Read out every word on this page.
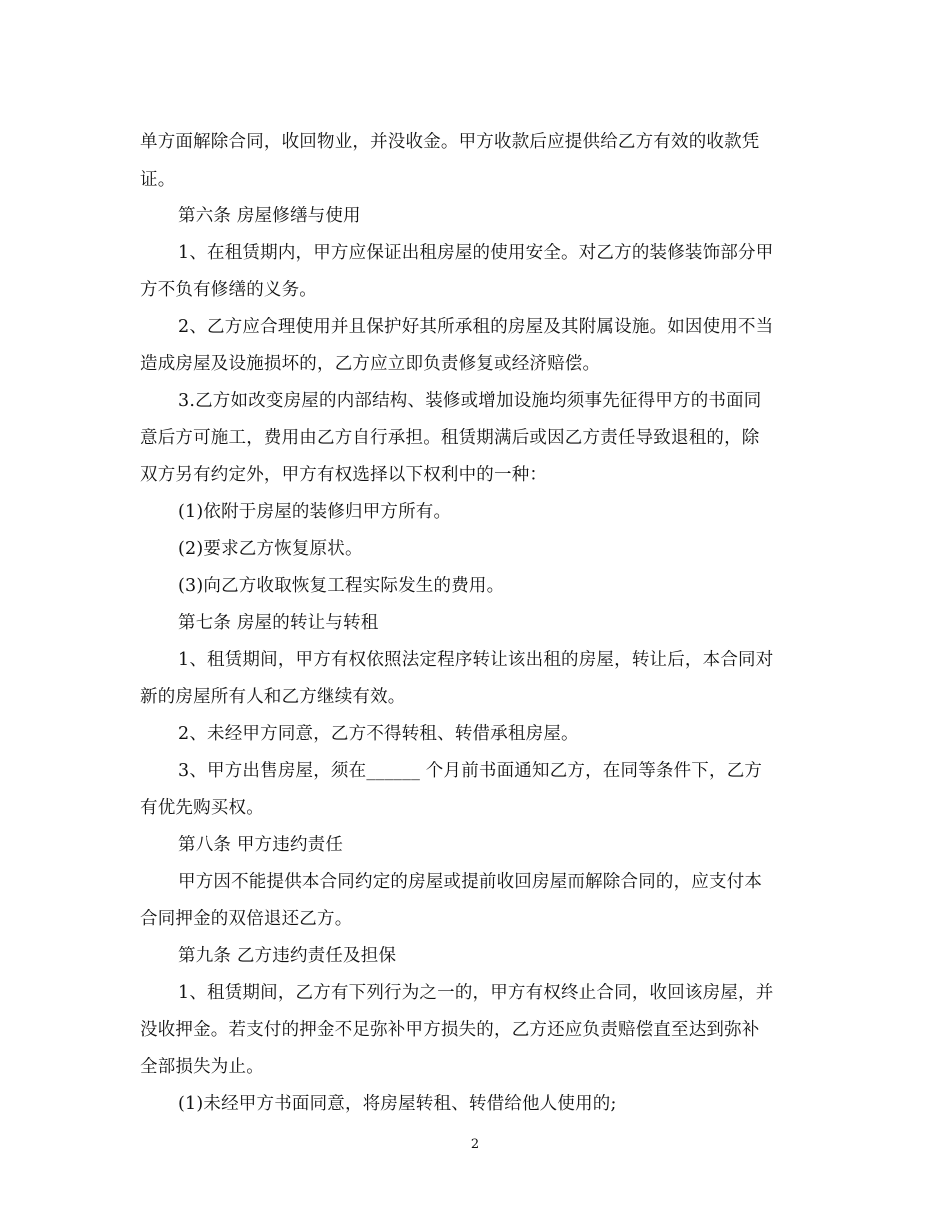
单方面解除合同，收回物业，并没收金。甲方收款后应提供给乙方有效的收款凭
证。
第六条 房屋修缮与使用
1、在租赁期内，甲方应保证出租房屋的使用安全。对乙方的装修装饰部分甲
方不负有修缮的义务。
2、乙方应合理使用并且保护好其所承租的房屋及其附属设施。如因使用不当
造成房屋及设施损坏的，乙方应立即负责修复或经济赔偿。
3.乙方如改变房屋的内部结构、装修或增加设施均须事先征得甲方的书面同
意后方可施工，费用由乙方自行承担。租赁期满后或因乙方责任导致退租的，除
双方另有约定外，甲方有权选择以下权利中的一种：
(1)依附于房屋的装修归甲方所有。
(2)要求乙方恢复原状。
(3)向乙方收取恢复工程实际发生的费用。
第七条 房屋的转让与转租
1、租赁期间，甲方有权依照法定程序转让该出租的房屋，转让后，本合同对
新的房屋所有人和乙方继续有效。
2、未经甲方同意，乙方不得转租、转借承租房屋。
3、甲方出售房屋，须在______ 个月前书面通知乙方，在同等条件下，乙方
有优先购买权。
第八条 甲方违约责任
甲方因不能提供本合同约定的房屋或提前收回房屋而解除合同的，应支付本
合同押金的双倍退还乙方。
第九条 乙方违约责任及担保
1、租赁期间，乙方有下列行为之一的，甲方有权终止合同，收回该房屋，并
没收押金。若支付的押金不足弥补甲方损失的，乙方还应负责赔偿直至达到弥补
全部损失为止。
(1)未经甲方书面同意，将房屋转租、转借给他人使用的;
2
